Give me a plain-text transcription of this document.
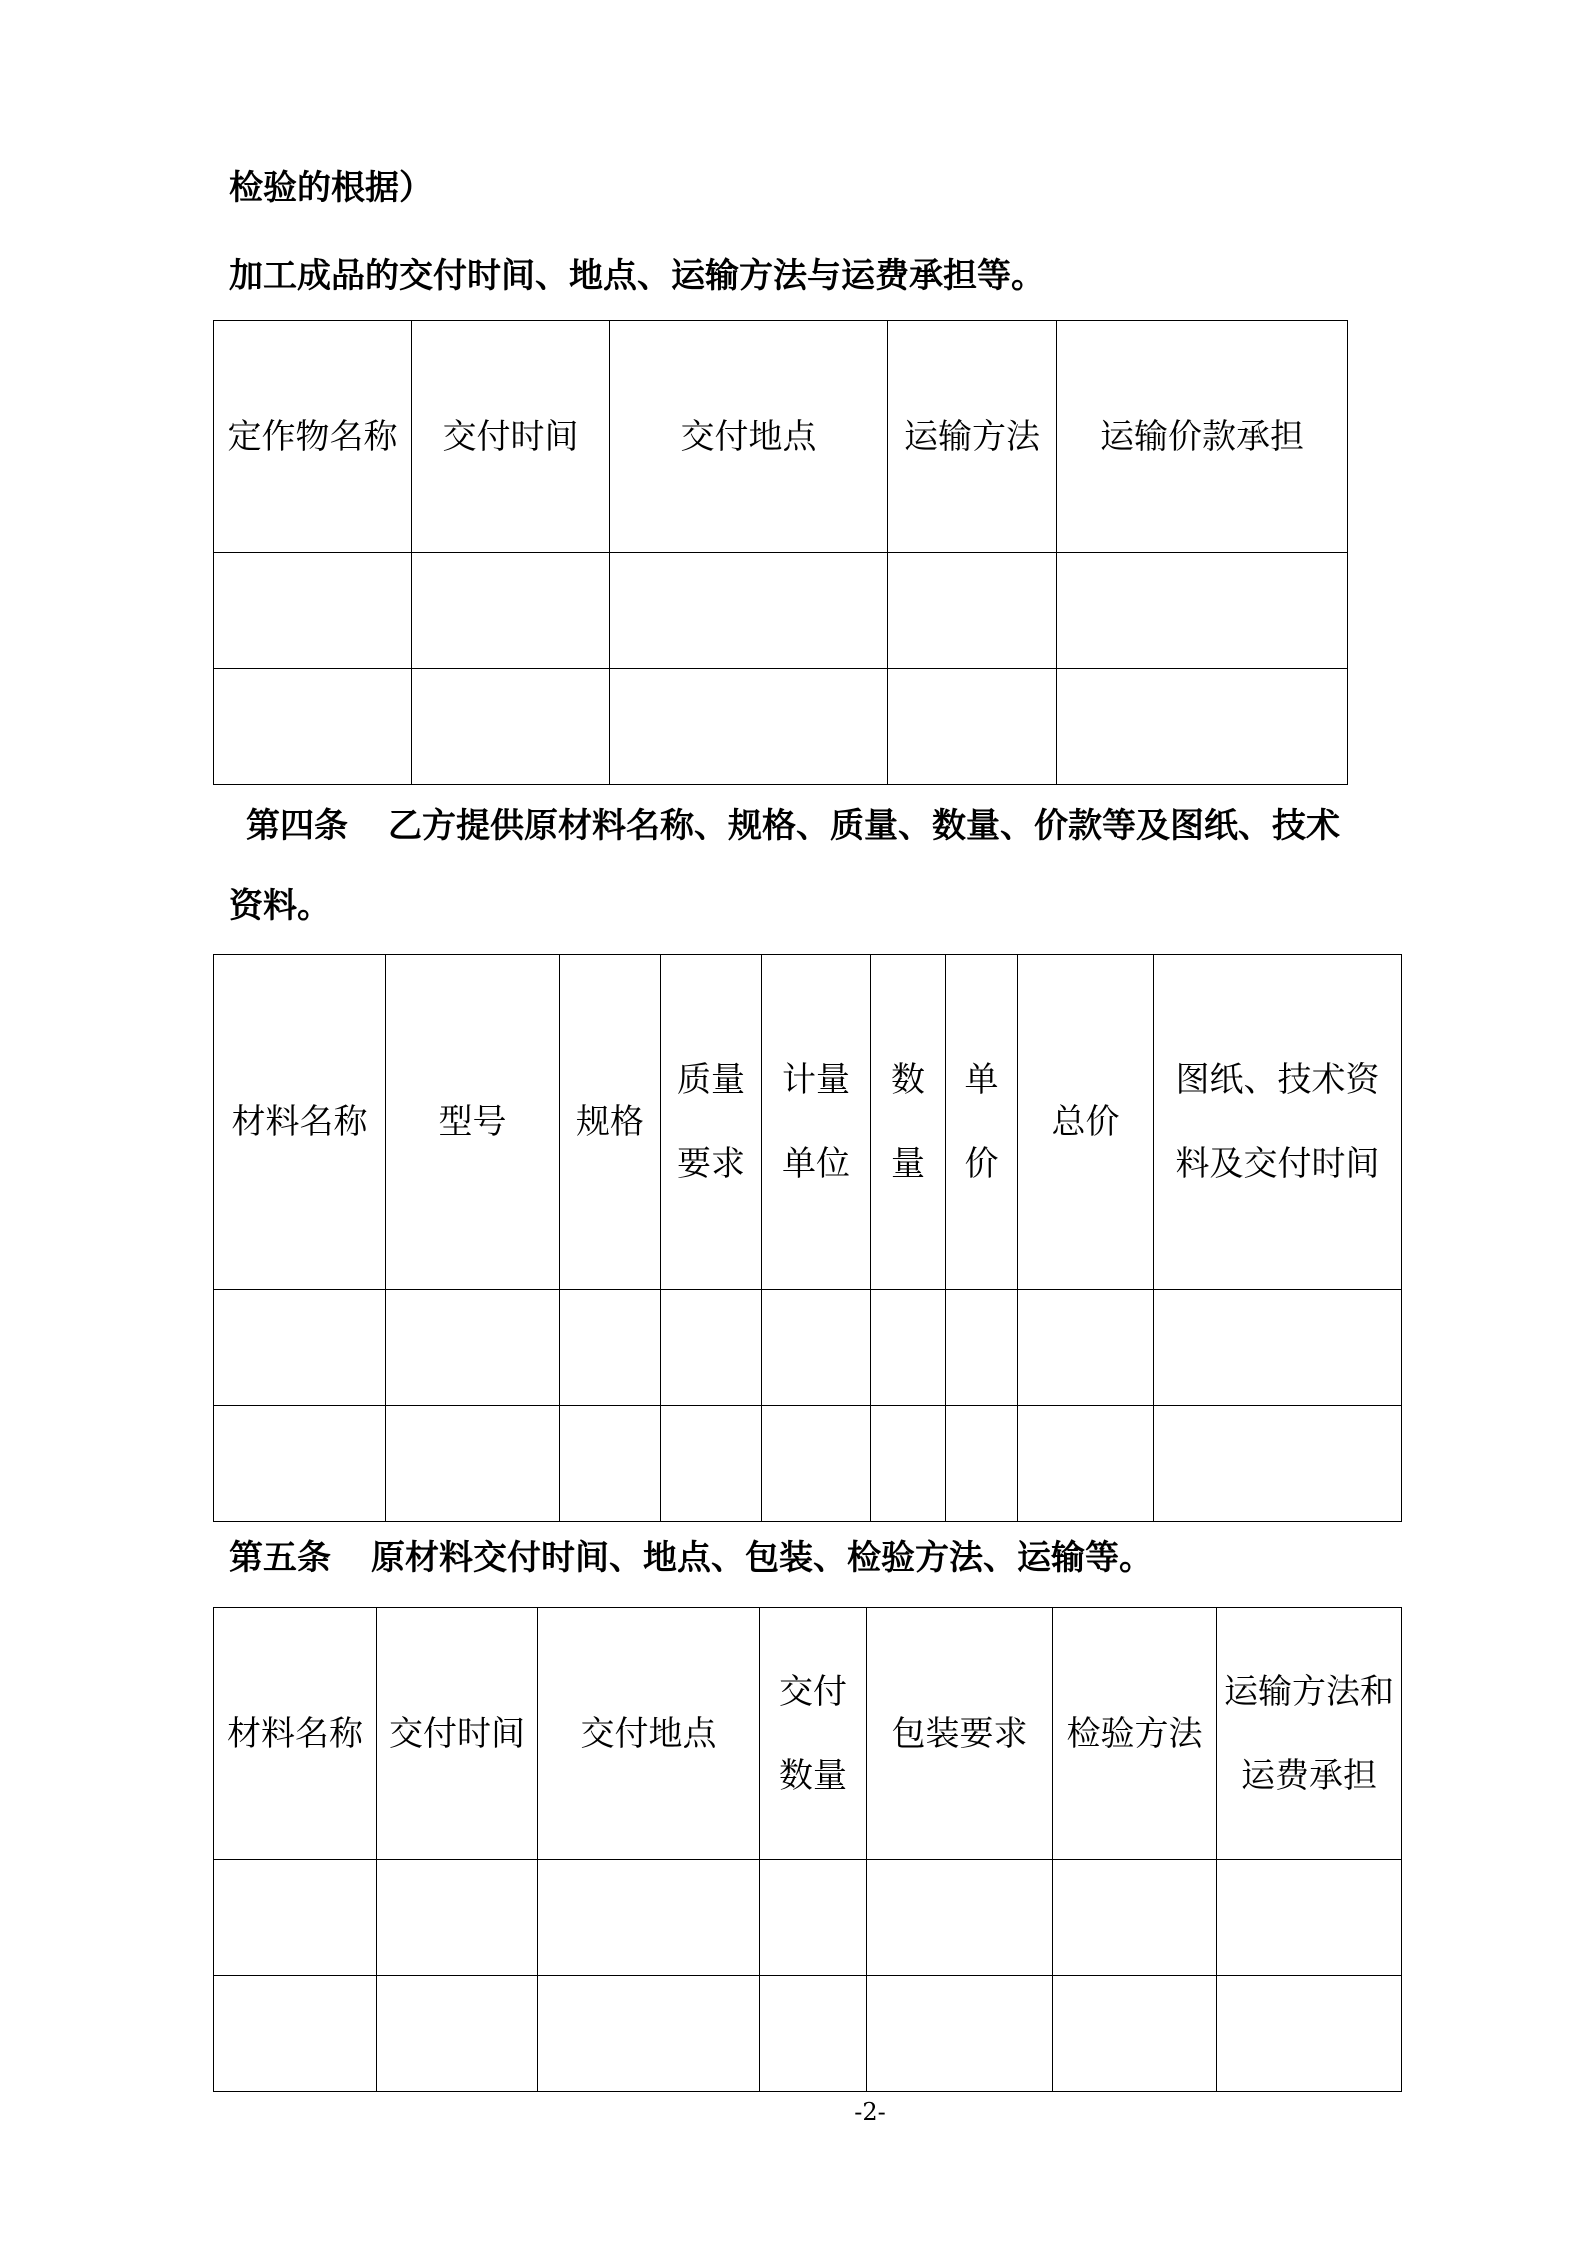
检验的根据）
加工成品的交付时间、地点、运输方法与运费承担等。
定作物名称	交付时间	交付地点	运输方法	运输价款承担

第四条 乙方提供原材料名称、规格、质量、数量、价款等及图纸、技术
资料。
材料名称	型号	规格	质量要求	计量单位	数量	单价	总价	图纸、技术资料及交付时间

第五条 原材料交付时间、地点、包装、检验方法、运输等。
材料名称	交付时间	交付地点	交付数量	包装要求	检验方法	运输方法和运费承担

-2-
